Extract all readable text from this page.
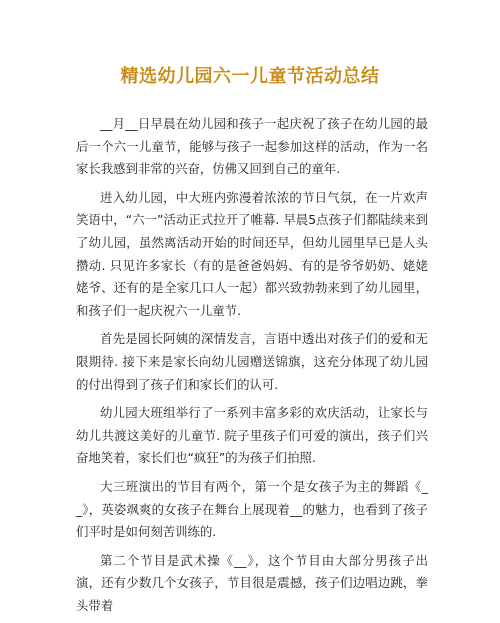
精选幼儿园六一儿童节活动总结

__月__日早晨在幼儿园和孩子一起庆祝了孩子在幼儿园的最后一个六一儿童节，能够与孩子一起参加这样的活动，作为一名家长我感到非常的兴奋，仿佛又回到自己的童年.

进入幼儿园，中大班内弥漫着浓浓的节日气氛，在一片欢声笑语中，“六一”活动正式拉开了帷幕. 早晨5点孩子们都陆续来到了幼儿园，虽然离活动开始的时间还早，但幼儿园里早已是人头攒动. 只见许多家长（有的是爸爸妈妈、有的是爷爷奶奶、姥姥姥爷、还有的是全家几口人一起）都兴致勃勃来到了幼儿园里，和孩子们一起庆祝六一儿童节.

首先是园长阿姨的深情发言，言语中透出对孩子们的爱和无限期待. 接下来是家长向幼儿园赠送锦旗，这充分体现了幼儿园的付出得到了孩子们和家长们的认可.

幼儿园大班组举行了一系列丰富多彩的欢庆活动，让家长与幼儿共渡这美好的儿童节. 院子里孩子们可爱的演出，孩子们兴奋地笑着，家长们也“疯狂”的为孩子们拍照.

大三班演出的节目有两个，第一个是女孩子为主的舞蹈《__》，英姿飒爽的女孩子在舞台上展现着__的魅力，也看到了孩子们平时是如何刻苦训练的.

第二个节目是武术操《__》，这个节目由大部分男孩子出演，还有少数几个女孩子，节目很是震撼，孩子们边唱边跳，拳头带着
